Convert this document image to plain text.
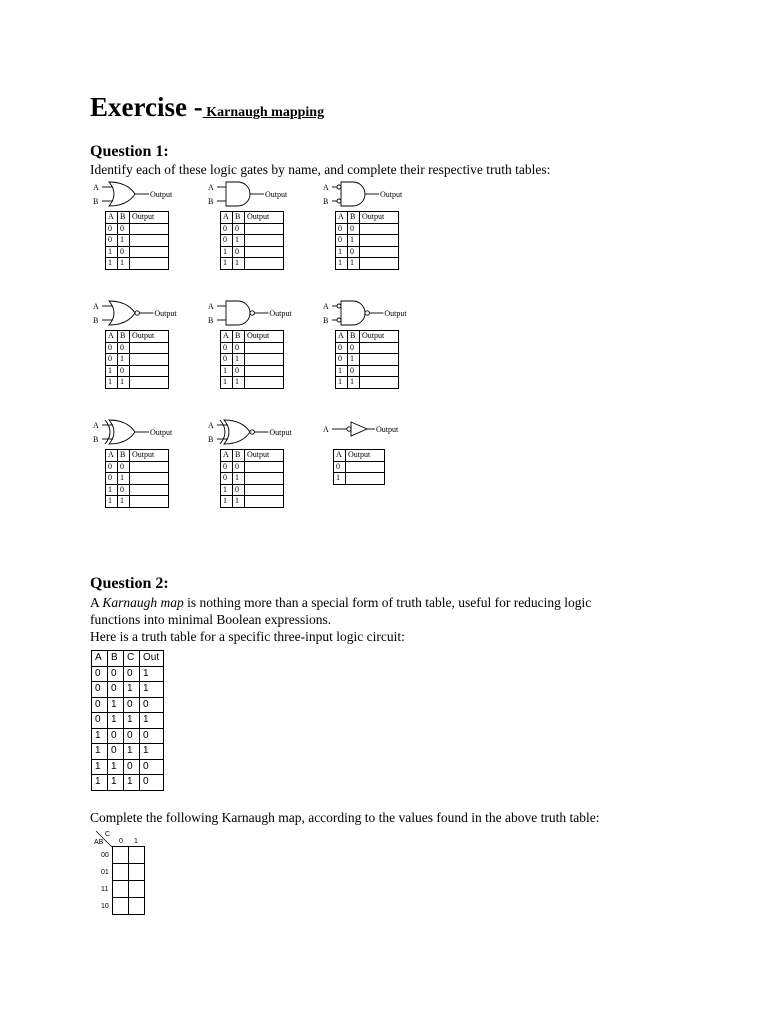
Exercise - Karnaugh mapping
Question 1:
Identify each of these logic gates by name, and complete their respective truth tables:
A
B
Output
A
B
Output
A
B
Output
A
B
Output
A
B
Output
A
B
Output
A
B
Output
A
B
Output	A	Output
Question 2:
A Karnaugh map is nothing more than a special form of truth table, useful for reducing logic
functions into minimal Boolean expressions.
Here is a truth table for a specific three-input logic circuit:
A	B	C	Out
0	0	0	1
0	0	1	1
0	1	0	0
0	1	1	1
1	0	0	0
1	0	1	1
1	1	0	0
1	1	1	0
Complete the following Karnaugh map, according to the values found in the above truth table:
C
AB 0 1
00
01
11
10

A	B	Output
0	0	
0	1	
1	0	
1	1	
A	B	Output
0	0	
0	1	
1	0	
1	1	
A	B	Output
0	0	
0	1	
1	0	
1	1	
A	B	Output
0	0	
0	1	
1	0	
1	1	
A	B	Output
0	0	
0	1	
1	0	
1	1	
A	B	Output
0	0	
0	1	
1	0	
1	1	
A	B	Output
0	0	
0	1	
1	0	
1	1	
A	B	Output
0	0	
0	1	
1	0	
1	1	
A	Output
0	
1	
